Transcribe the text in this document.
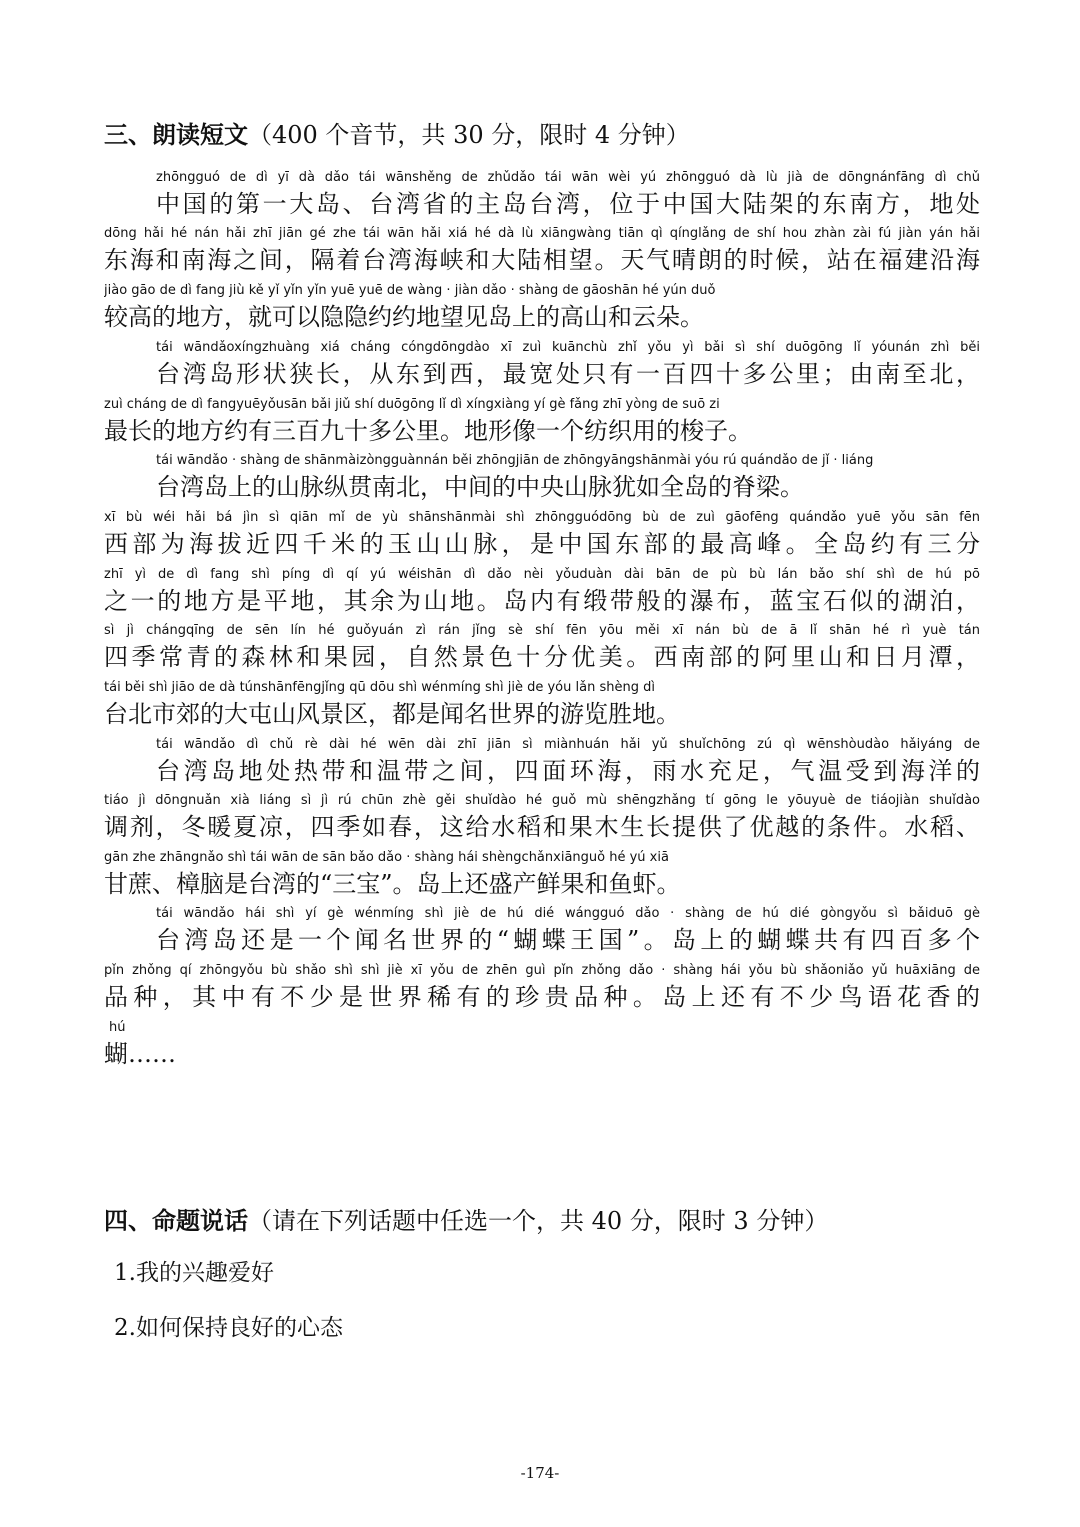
三、朗读短文（400 个音节，共 30 分，限时 4 分钟）
zhōngguó de dì yī dà dǎo tái wānshěng de zhǔdǎo tái wān wèi yú zhōngguó dà lù jià de dōngnánfāng dì chǔ
中国的第一大岛、台湾省的主岛台湾，位于中国大陆架的东南方，地处
dōng hǎi hé nán hǎi zhī jiān gé zhe tái wān hǎi xiá hé dà lù xiāngwàng tiān qì qínglǎng de shí hou zhàn zài fú jiàn yán hǎi
东海和南海之间，隔着台湾海峡和大陆相望。天气晴朗的时候，站在福建沿海
jiào gāo de dì fang jiù kě yǐ yǐn yǐn yuē yuē de wàng · jiàn dǎo · shàng de gāoshān hé yún duǒ
较高的地方，就可以隐隐约约地望见岛上的高山和云朵。
tái wāndǎoxíngzhuàng xiá cháng cóngdōngdào xī zuì kuānchù zhǐ yǒu yì bǎi sì shí duōgōng lǐ yóunán zhì běi
台湾岛形状狭长，从东到西，最宽处只有一百四十多公里；由南至北，
zuì cháng de dì fangyuēyǒusān bǎi jiǔ shí duōgōng lǐ dì xíngxiàng yí gè fǎng zhī yòng de suō zi
最长的地方约有三百九十多公里。地形像一个纺织用的梭子。
tái wāndǎo · shàng de shānmàizòngguànnán běi zhōngjiān de zhōngyāngshānmài yóu rú quándǎo de jǐ · liáng
台湾岛上的山脉纵贯南北，中间的中央山脉犹如全岛的脊梁。
xī bù wéi hǎi bá jìn sì qiān mǐ de yù shānshānmài shì zhōngguódōng bù de zuì gāofēng quándǎo yuē yǒu sān fēn
西部为海拔近四千米的玉山山脉，是中国东部的最高峰。全岛约有三分
zhī yì de dì fang shì píng dì qí yú wéishān dì dǎo nèi yǒuduàn dài bān de pù bù lán bǎo shí shì de hú pō
之一的地方是平地，其余为山地。岛内有缎带般的瀑布，蓝宝石似的湖泊，
sì jì chángqīng de sēn lín hé guǒyuán zì rán jǐng sè shí fēn yōu měi xī nán bù de ā lǐ shān hé rì yuè tán
四季常青的森林和果园，自然景色十分优美。西南部的阿里山和日月潭，
tái běi shì jiāo de dà túnshānfēngjǐng qū dōu shì wénmíng shì jiè de yóu lǎn shèng dì
台北市郊的大屯山风景区，都是闻名世界的游览胜地。
tái wāndǎo dì chǔ rè dài hé wēn dài zhī jiān sì miànhuán hǎi yǔ shuǐchōng zú qì wēnshòudào hǎiyáng de
台湾岛地处热带和温带之间，四面环海，雨水充足，气温受到海洋的
tiáo jì dōngnuǎn xià liáng sì jì rú chūn zhè gěi shuǐdào hé guǒ mù shēngzhǎng tí gōng le yōuyuè de tiáojiàn shuǐdào
调剂，冬暖夏凉，四季如春，这给水稻和果木生长提供了优越的条件。水稻、
gān zhe zhāngnǎo shì tái wān de sān bǎo dǎo · shàng hái shèngchǎnxiānguǒ hé yú xiā
甘蔗、樟脑是台湾的“三宝”。岛上还盛产鲜果和鱼虾。
tái wāndǎo hái shì yí gè wénmíng shì jiè de hú dié wángguó dǎo · shàng de hú dié gòngyǒu sì bǎiduō gè
台湾岛还是一个闻名世界的“蝴蝶王国”。岛上的蝴蝶共有四百多个
pǐn zhǒng qí zhōngyǒu bù shǎo shì shì jiè xī yǒu de zhēn guì pǐn zhǒng dǎo · shàng hái yǒu bù shǎoniǎo yǔ huāxiāng de
品种，其中有不少是世界稀有的珍贵品种。岛上还有不少鸟语花香的
hú
蝴……
四、命题说话（请在下列话题中任选一个，共 40 分，限时 3 分钟）
1.我的兴趣爱好
2.如何保持良好的心态
-174-
